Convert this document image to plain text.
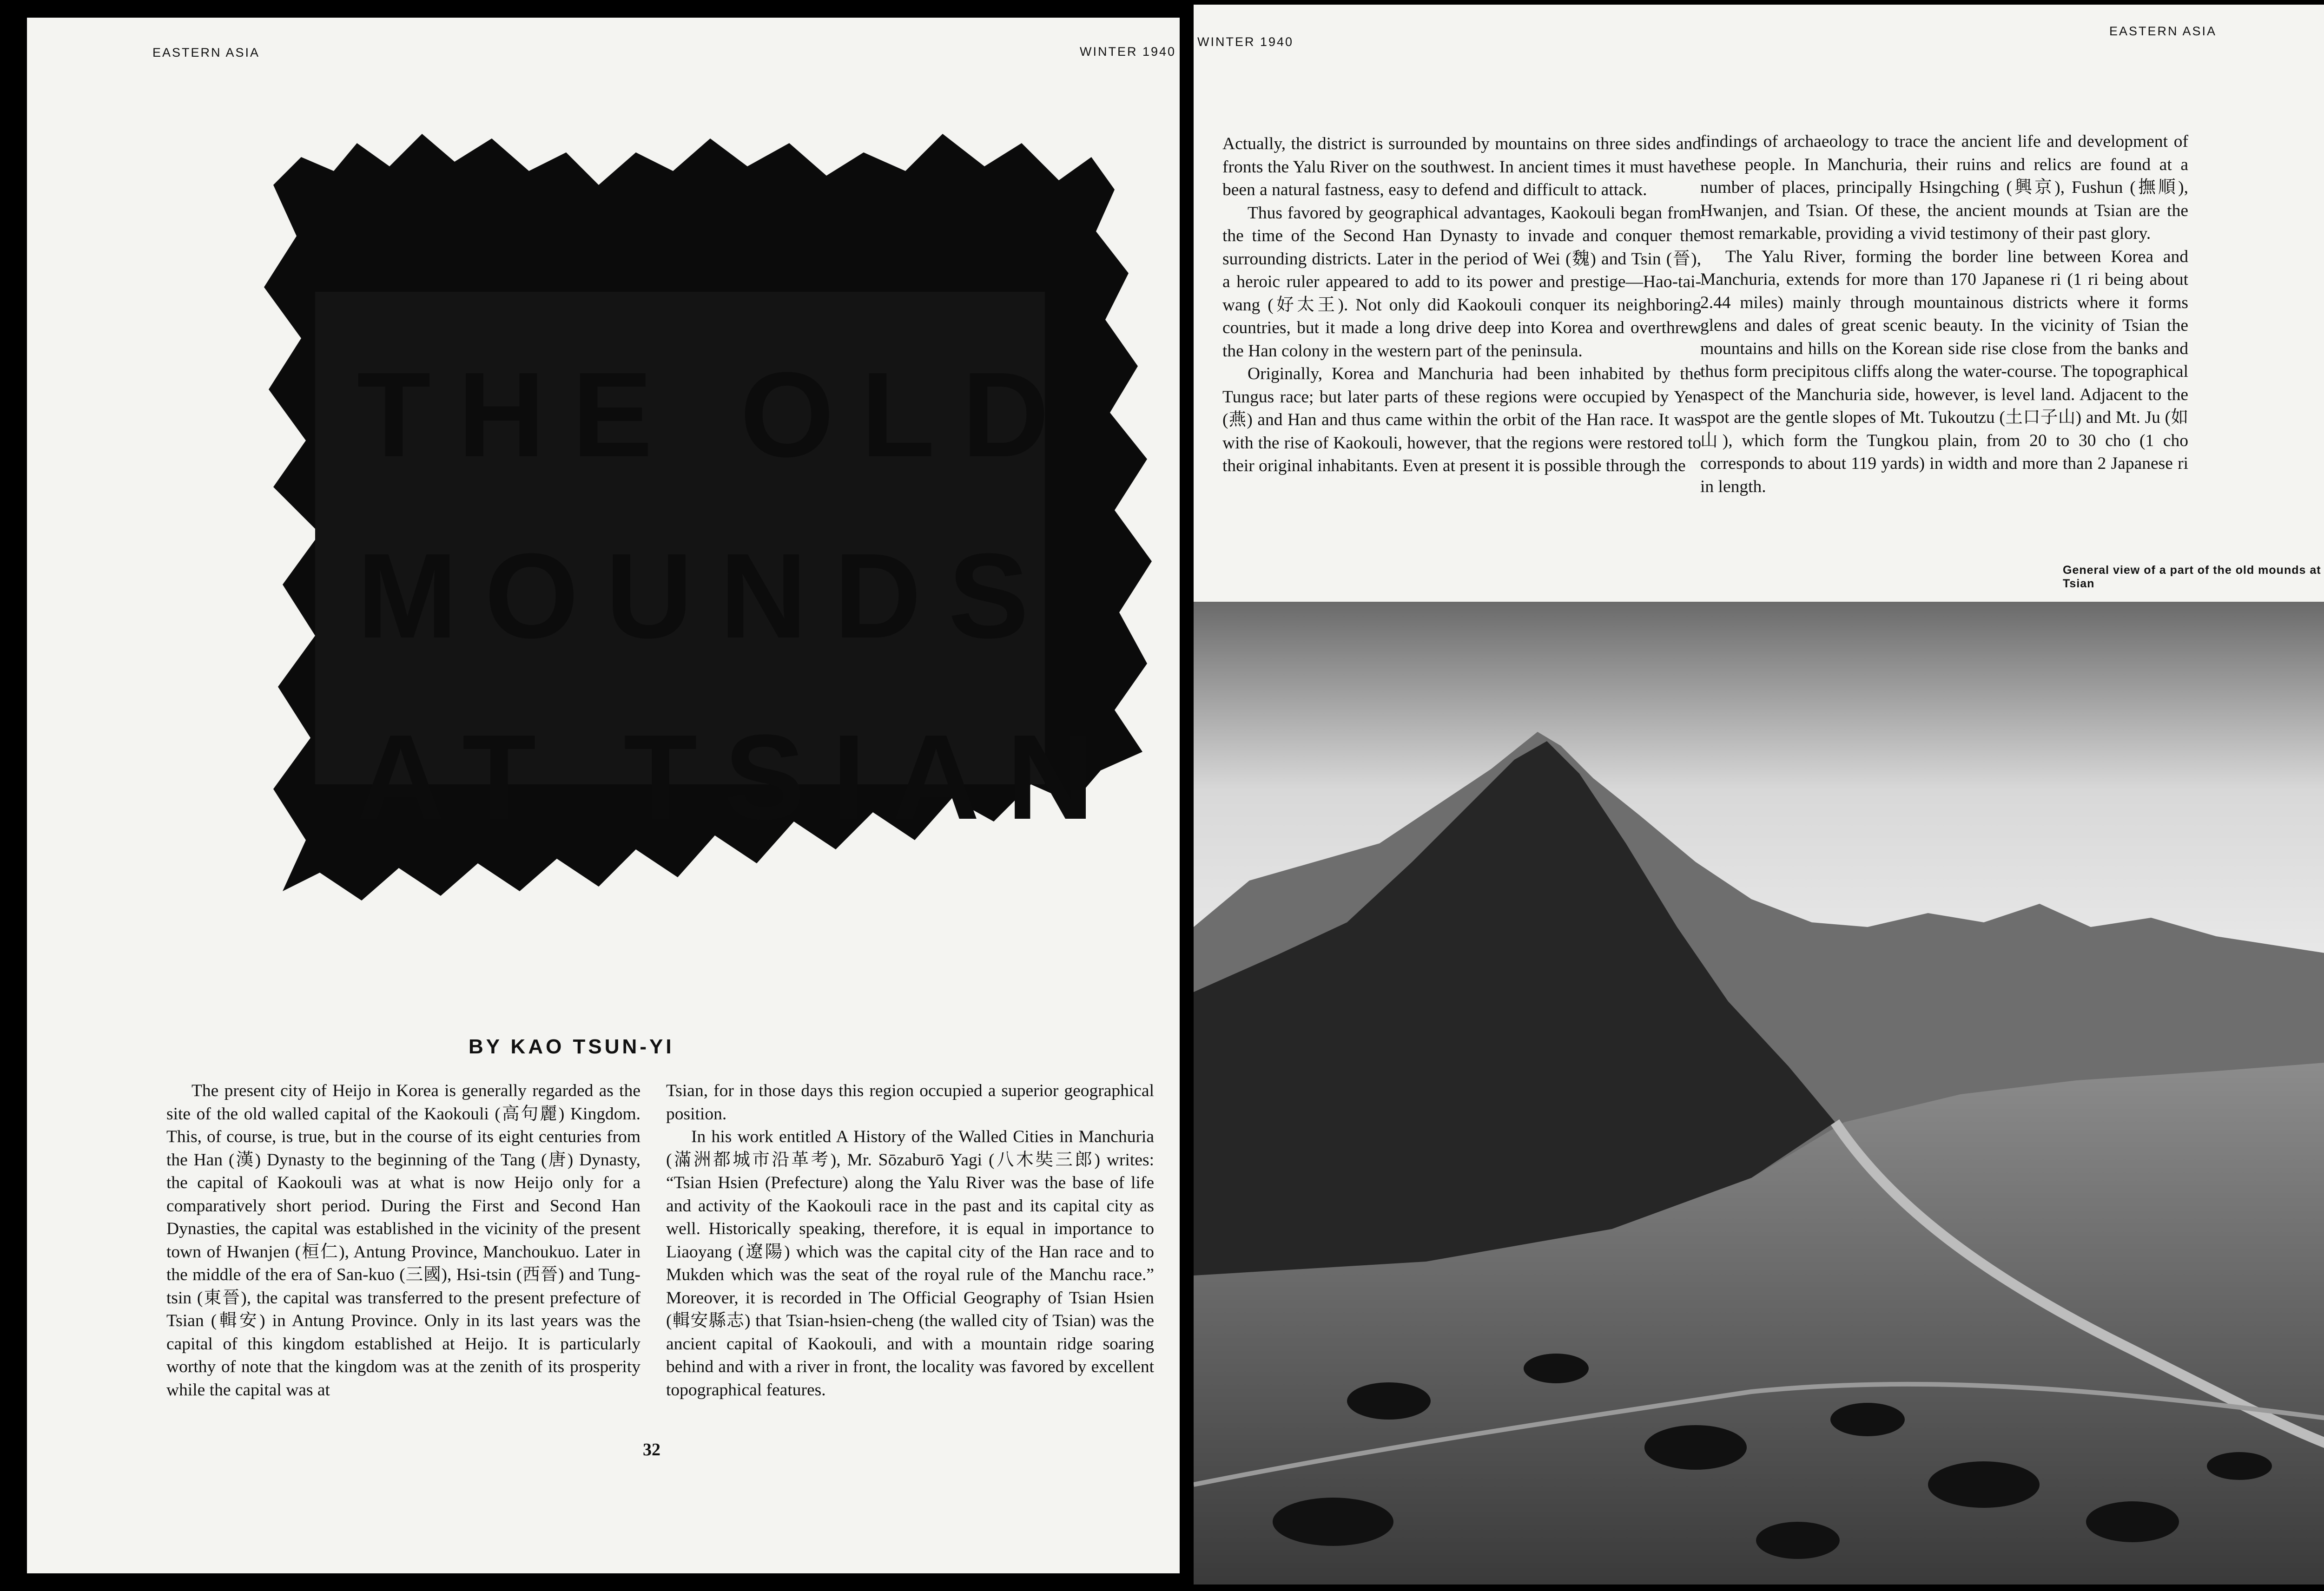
EASTERN ASIA	WINTER 1940
THE OLD
MOUNDS
AT TSIAN
BY KAO TSUN-YI

The present city of Heijo in Korea is generally regarded as the site of the old walled capital of the Kaokouli (高句麗) Kingdom. This, of course, is true, but in the course of its eight centuries from the Han (漢) Dynasty to the beginning of the Tang (唐) Dynasty, the capital of Kaokouli was at what is now Heijo only for a comparatively short period. During the First and Second Han Dynasties, the capital was established in the vicinity of the present town of Hwanjen (桓仁), Antung Province, Manchoukuo. Later in the middle of the era of San-kuo (三國), Hsi-tsin (西晉) and Tung-tsin (東晉), the capital was transferred to the present prefecture of Tsian (輯安) in Antung Province. Only in its last years was the capital of this kingdom established at Heijo. It is particularly worthy of note that the kingdom was at the zenith of its prosperity while the capital was at

Tsian, for in those days this region occupied a superior geographical position.

In his work entitled A History of the Walled Cities in Manchuria (滿洲都城市沿革考), Mr. Sōzaburō Yagi (八木奘三郎) writes: “Tsian Hsien (Prefecture) along the Yalu River was the base of life and activity of the Kaokouli race in the past and its capital city as well. Historically speaking, therefore, it is equal in importance to Liaoyang (遼陽) which was the capital city of the Han race and to Mukden which was the seat of the royal rule of the Manchu race.” Moreover, it is recorded in The Official Geography of Tsian Hsien (輯安縣志) that Tsian-hsien-cheng (the walled city of Tsian) was the ancient capital of Kaokouli, and with a mountain ridge soaring behind and with a river in front, the locality was favored by excellent topographical features.

32
WINTER 1940
EASTERN ASIA

Actually, the district is surrounded by mountains on three sides and fronts the Yalu River on the southwest. In ancient times it must have been a natural fastness, easy to defend and difficult to attack.

Thus favored by geographical advantages, Kaokouli began from the time of the Second Han Dynasty to invade and conquer the surrounding districts. Later in the period of Wei (魏) and Tsin (晉), a heroic ruler appeared to add to its power and prestige—Hao-tai-wang (好太王). Not only did Kaokouli conquer its neighboring countries, but it made a long drive deep into Korea and overthrew the Han colony in the western part of the peninsula.

Originally, Korea and Manchuria had been inhabited by the Tungus race; but later parts of these regions were occupied by Yen (燕) and Han and thus came within the orbit of the Han race. It was with the rise of Kaokouli, however, that the regions were restored to their original inhabitants. Even at present it is possible through the

findings of archaeology to trace the ancient life and development of these people. In Manchuria, their ruins and relics are found at a number of places, principally Hsingching (興京), Fushun (撫順), Hwanjen, and Tsian. Of these, the ancient mounds at Tsian are the most remarkable, providing a vivid testimony of their past glory.

The Yalu River, forming the border line between Korea and Manchuria, extends for more than 170 Japanese ri (1 ri being about 2.44 miles) mainly through mountainous districts where it forms glens and dales of great scenic beauty. In the vicinity of Tsian the mountains and hills on the Korean side rise close from the banks and thus form precipitous cliffs along the water-course. The topographical aspect of the Manchuria side, however, is level land. Adjacent to the spot are the gentle slopes of Mt. Tukoutzu (土口子山) and Mt. Ju (如山), which form the Tungkou plain, from 20 to 30 cho (1 cho corresponds to about 119 yards) in width and more than 2 Japanese ri in length.

General view of a part of the old mounds at Tsian
